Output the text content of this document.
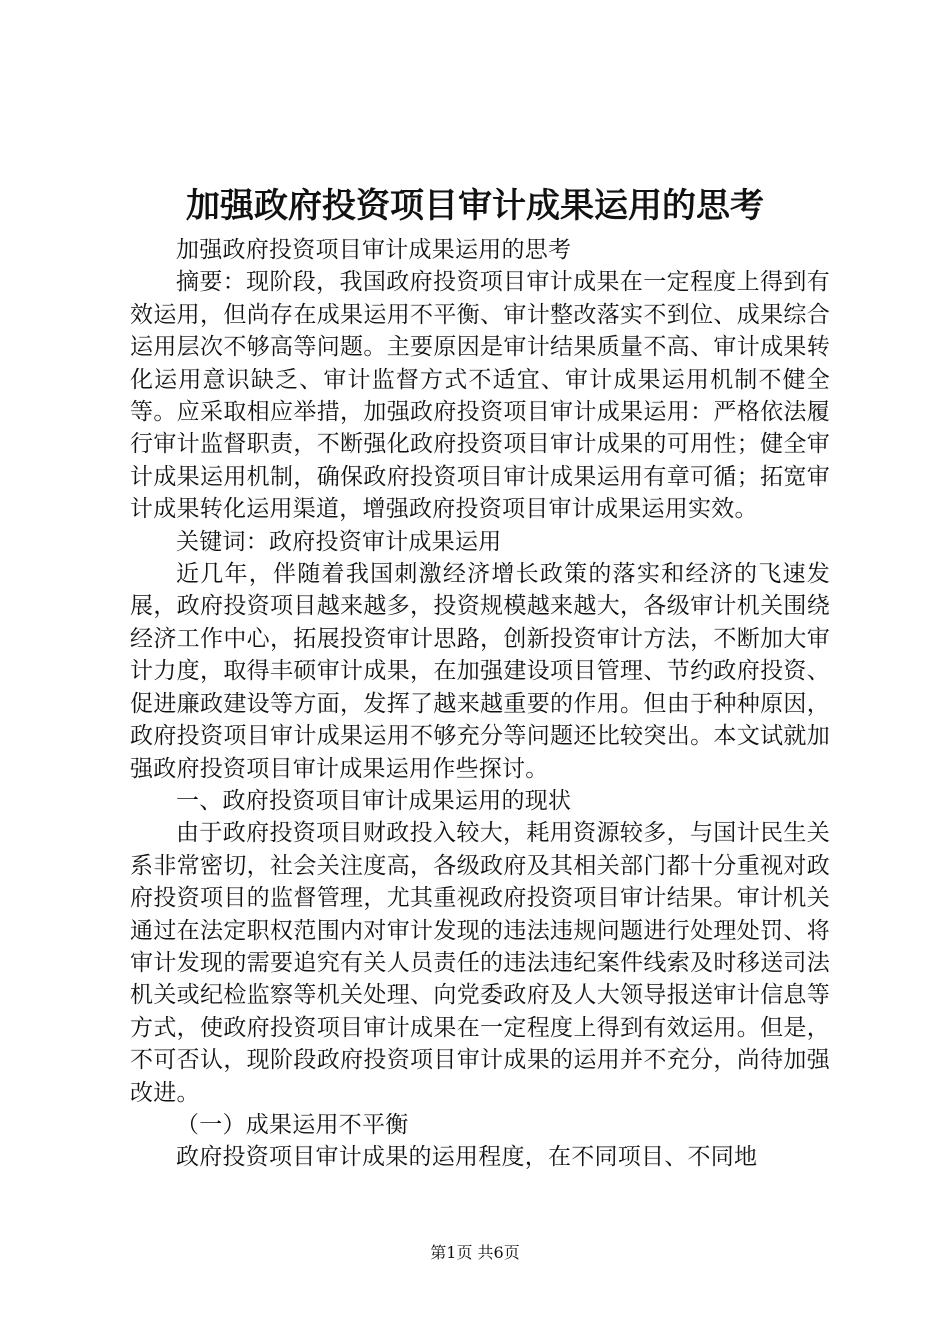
加强政府投资项目审计成果运用的思考

加强政府投资项目审计成果运用的思考

摘要：现阶段，我国政府投资项目审计成果在一定程度上得到有效运用，但尚存在成果运用不平衡、审计整改落实不到位、成果综合运用层次不够高等问题。主要原因是审计结果质量不高、审计成果转化运用意识缺乏、审计监督方式不适宜、审计成果运用机制不健全等。应采取相应举措，加强政府投资项目审计成果运用：严格依法履行审计监督职责，不断强化政府投资项目审计成果的可用性；健全审计成果运用机制，确保政府投资项目审计成果运用有章可循；拓宽审计成果转化运用渠道，增强政府投资项目审计成果运用实效。

关键词：政府投资审计成果运用

近几年，伴随着我国刺激经济增长政策的落实和经济的飞速发展，政府投资项目越来越多，投资规模越来越大，各级审计机关围绕经济工作中心，拓展投资审计思路，创新投资审计方法，不断加大审计力度，取得丰硕审计成果，在加强建设项目管理、节约政府投资、促进廉政建设等方面，发挥了越来越重要的作用。但由于种种原因，政府投资项目审计成果运用不够充分等问题还比较突出。本文试就加强政府投资项目审计成果运用作些探讨。

一、政府投资项目审计成果运用的现状

由于政府投资项目财政投入较大，耗用资源较多，与国计民生关系非常密切，社会关注度高，各级政府及其相关部门都十分重视对政府投资项目的监督管理，尤其重视政府投资项目审计结果。审计机关通过在法定职权范围内对审计发现的违法违规问题进行处理处罚、将审计发现的需要追究有关人员责任的违法违纪案件线索及时移送司法机关或纪检监察等机关处理、向党委政府及人大领导报送审计信息等方式，使政府投资项目审计成果在一定程度上得到有效运用。但是，不可否认，现阶段政府投资项目审计成果的运用并不充分，尚待加强改进。

（一）成果运用不平衡

政府投资项目审计成果的运用程度，在不同项目、不同地

第1页 共6页
